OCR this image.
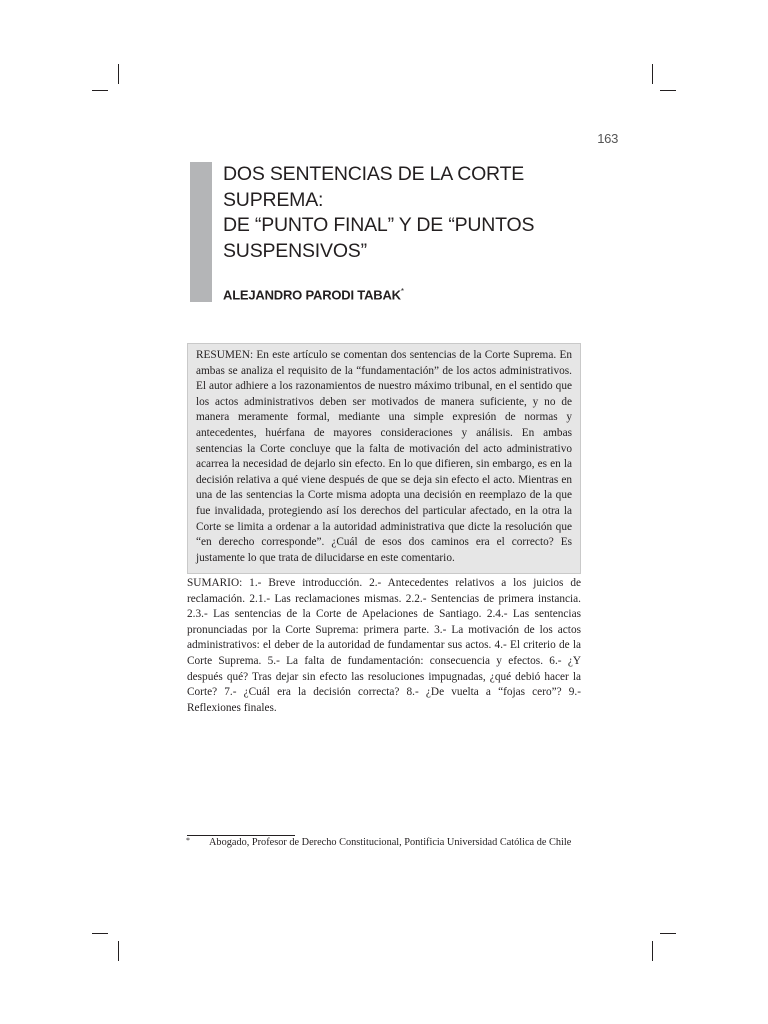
163
DOS SENTENCIAS DE LA CORTE
SUPREMA:
DE “PUNTO FINAL” Y DE “PUNTOS
SUSPENSIVOS”
ALEJANDRO PARODI TABAK*
RESUMEN: En este artículo se comentan dos sentencias de la Corte Suprema. En ambas se analiza el requisito de la “fundamentación” de los actos administrativos. El autor adhiere a los razonamientos de nuestro máximo tribunal, en el sentido que los actos administrativos deben ser motivados de manera suficiente, y no de manera meramente formal, mediante una simple expresión de normas y antecedentes, huérfana de mayores consideraciones y análisis. En ambas sentencias la Corte concluye que la falta de motivación del acto administrativo acarrea la necesidad de dejarlo sin efecto. En lo que difieren, sin embargo, es en la decisión relativa a qué viene después de que se deja sin efecto el acto. Mientras en una de las sentencias la Corte misma adopta una decisión en reemplazo de la que fue invalidada, protegiendo así los derechos del particular afectado, en la otra la Corte se limita a ordenar a la autoridad administrativa que dicte la resolución que “en derecho corresponde”. ¿Cuál de esos dos caminos era el correcto? Es justamente lo que trata de dilucidarse en este comentario.
SUMARIO: 1.- Breve introducción. 2.- Antecedentes relativos a los juicios de reclamación. 2.1.- Las reclamaciones mismas. 2.2.- Sentencias de primera instancia. 2.3.- Las sentencias de la Corte de Apelaciones de Santiago. 2.4.- Las sentencias pronunciadas por la Corte Suprema: primera parte. 3.- La motivación de los actos administrativos: el deber de la autoridad de fundamentar sus actos. 4.- El criterio de la Corte Suprema. 5.- La falta de fundamentación: consecuencia y efectos. 6.- ¿Y después qué? Tras dejar sin efecto las resoluciones impugnadas, ¿qué debió hacer la Corte? 7.- ¿Cuál era la decisión correcta? 8.- ¿De vuelta a “fojas cero”? 9.- Reflexiones finales.
* Abogado, Profesor de Derecho Constitucional, Pontificia Universidad Católica de Chile
